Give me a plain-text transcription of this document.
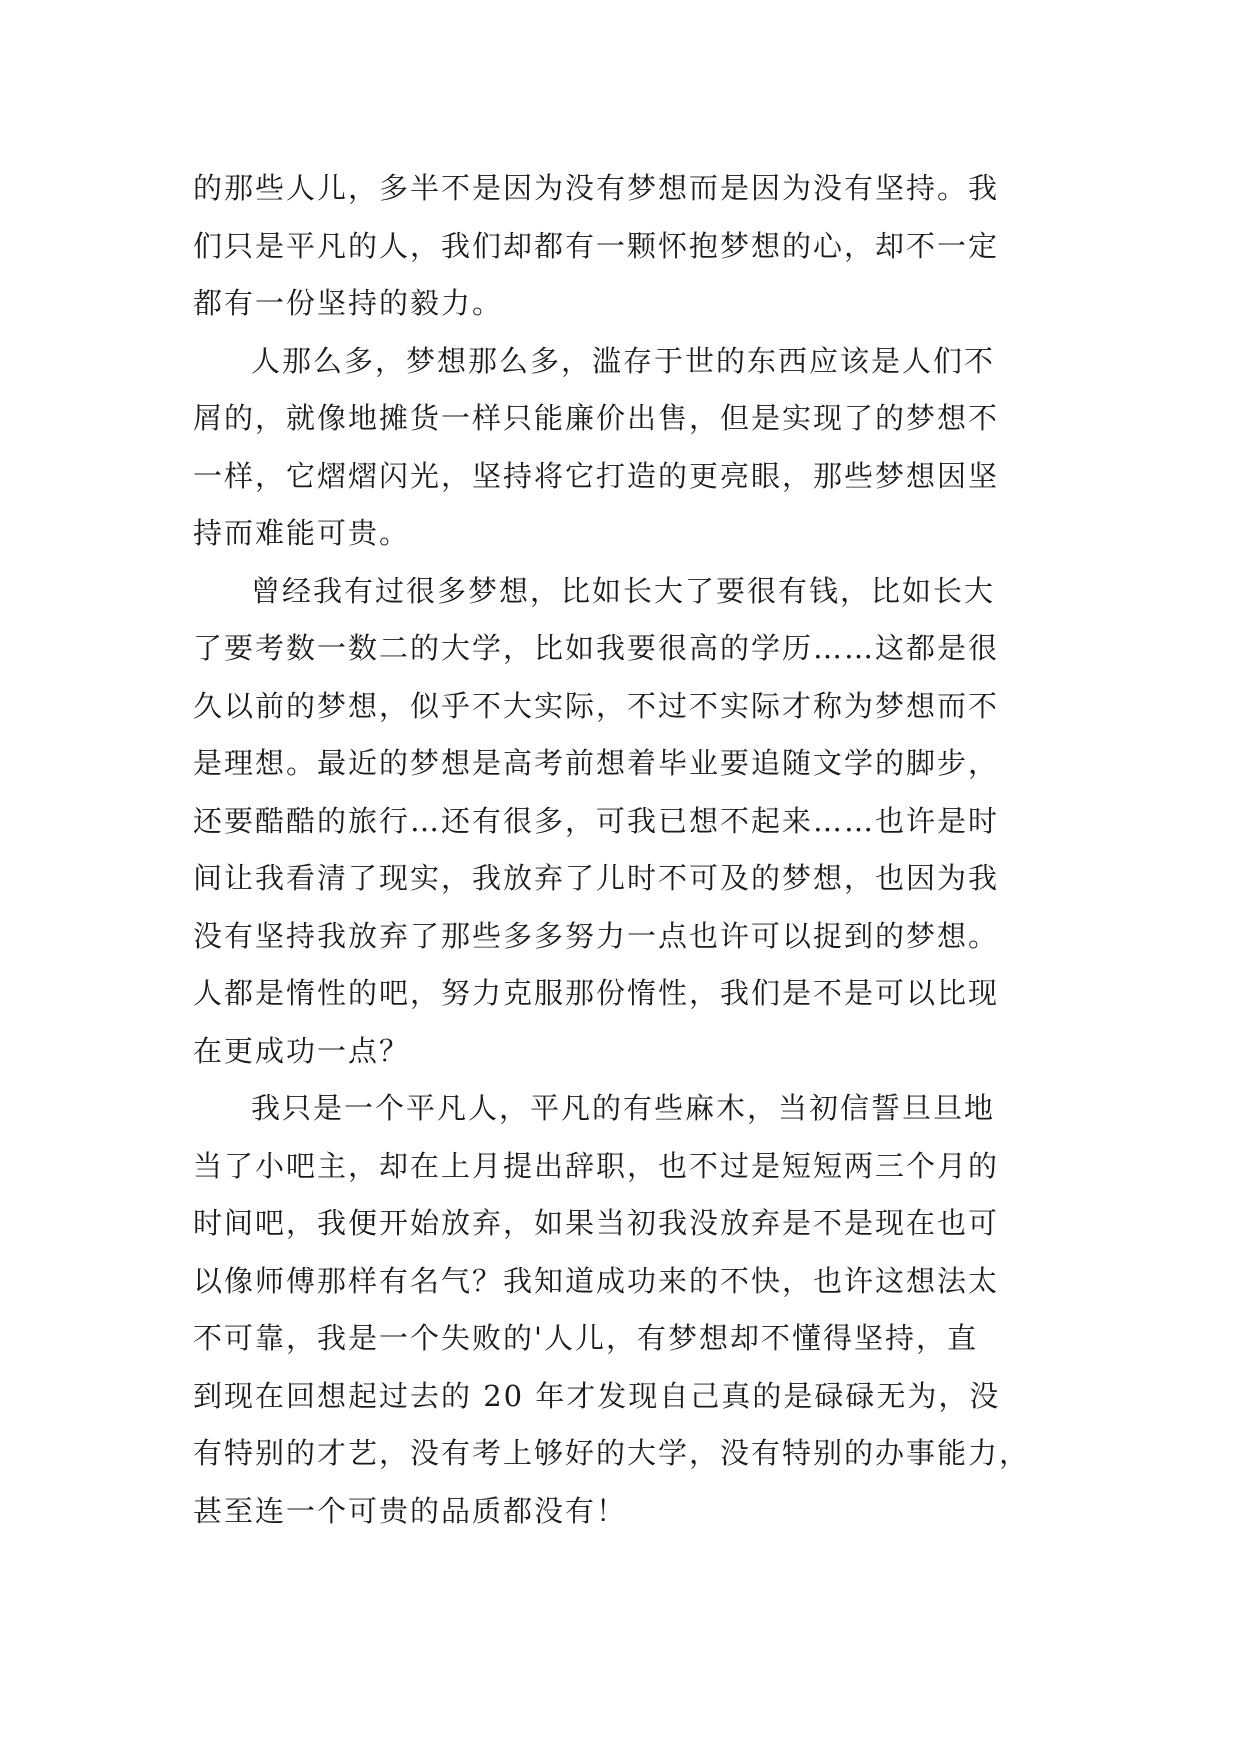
的那些人儿，多半不是因为没有梦想而是因为没有坚持。我
们只是平凡的人，我们却都有一颗怀抱梦想的心，却不一定
都有一份坚持的毅力。
人那么多，梦想那么多，滥存于世的东西应该是人们不
屑的，就像地摊货一样只能廉价出售，但是实现了的梦想不
一样，它熠熠闪光，坚持将它打造的更亮眼，那些梦想因坚
持而难能可贵。
曾经我有过很多梦想，比如长大了要很有钱，比如长大
了要考数一数二的大学，比如我要很高的学历……这都是很
久以前的梦想，似乎不大实际，不过不实际才称为梦想而不
是理想。最近的梦想是高考前想着毕业要追随文学的脚步，
还要酷酷的旅行…还有很多，可我已想不起来……也许是时
间让我看清了现实，我放弃了儿时不可及的梦想，也因为我
没有坚持我放弃了那些多多努力一点也许可以捉到的梦想。
人都是惰性的吧，努力克服那份惰性，我们是不是可以比现
在更成功一点？
我只是一个平凡人，平凡的有些麻木，当初信誓旦旦地
当了小吧主，却在上月提出辞职，也不过是短短两三个月的
时间吧，我便开始放弃，如果当初我没放弃是不是现在也可
以像师傅那样有名气？我知道成功来的不快，也许这想法太
不可靠，我是一个失败的'人儿，有梦想却不懂得坚持，直
到现在回想起过去的 20 年才发现自己真的是碌碌无为，没
有特别的才艺，没有考上够好的大学，没有特别的办事能力，
甚至连一个可贵的品质都没有！
